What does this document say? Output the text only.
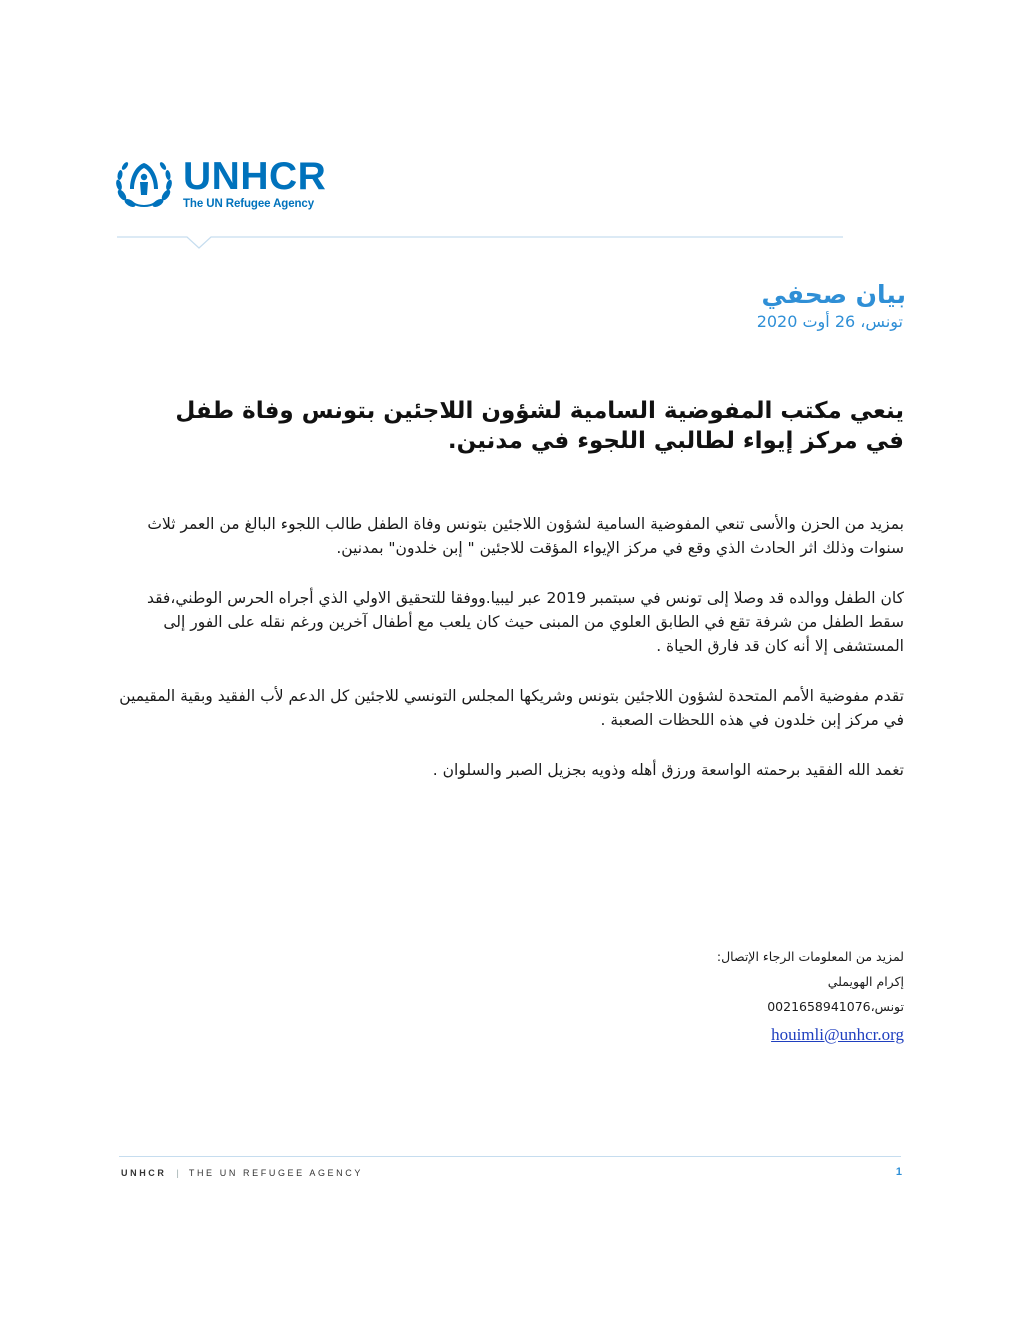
UNHCR
The UN Refugee Agency
بيان صحفي
تونس، 26 أوت 2020
ينعي مكتب المفوضية السامية لشؤون اللاجئين بتونس وفاة طفل في مركز إيواء لطالبي اللجوء في مدنين.

بمزيد من الحزن والأسى تنعي المفوضية السامية لشؤون اللاجئين بتونس وفاة الطفل طالب اللجوء البالغ من العمر ثلاث سنوات وذلك اثر الحادث الذي وقع في مركز الإيواء المؤقت للاجئين " إبن خلدون" بمدنين.

كان الطفل ووالده قد وصلا إلى تونس في سبتمبر 2019 عبر ليبيا.ووفقا للتحقيق الاولي الذي أجراه الحرس الوطني،فقد سقط الطفل من شرفة تقع في الطابق العلوي من المبنى حيث كان يلعب مع أطفال آخرين ورغم نقله على الفور إلى المستشفى إلا أنه كان قد فارق الحياة .

تقدم مفوضية الأمم المتحدة لشؤون اللاجئين بتونس وشريكها المجلس التونسي للاجئين كل الدعم لأب الفقيد وبقية المقيمين في مركز إبن خلدون في هذه اللحظات الصعبة .

تغمد الله الفقيد برحمته الواسعة ورزق أهله وذويه بجزيل الصبر والسلوان .

لمزيد من المعلومات الرجاء الإتصال:
إكرام الهويملي
تونس،0021658941076
houimli@unhcr.org
UNHCR | THE UN REFUGEE AGENCY	1
